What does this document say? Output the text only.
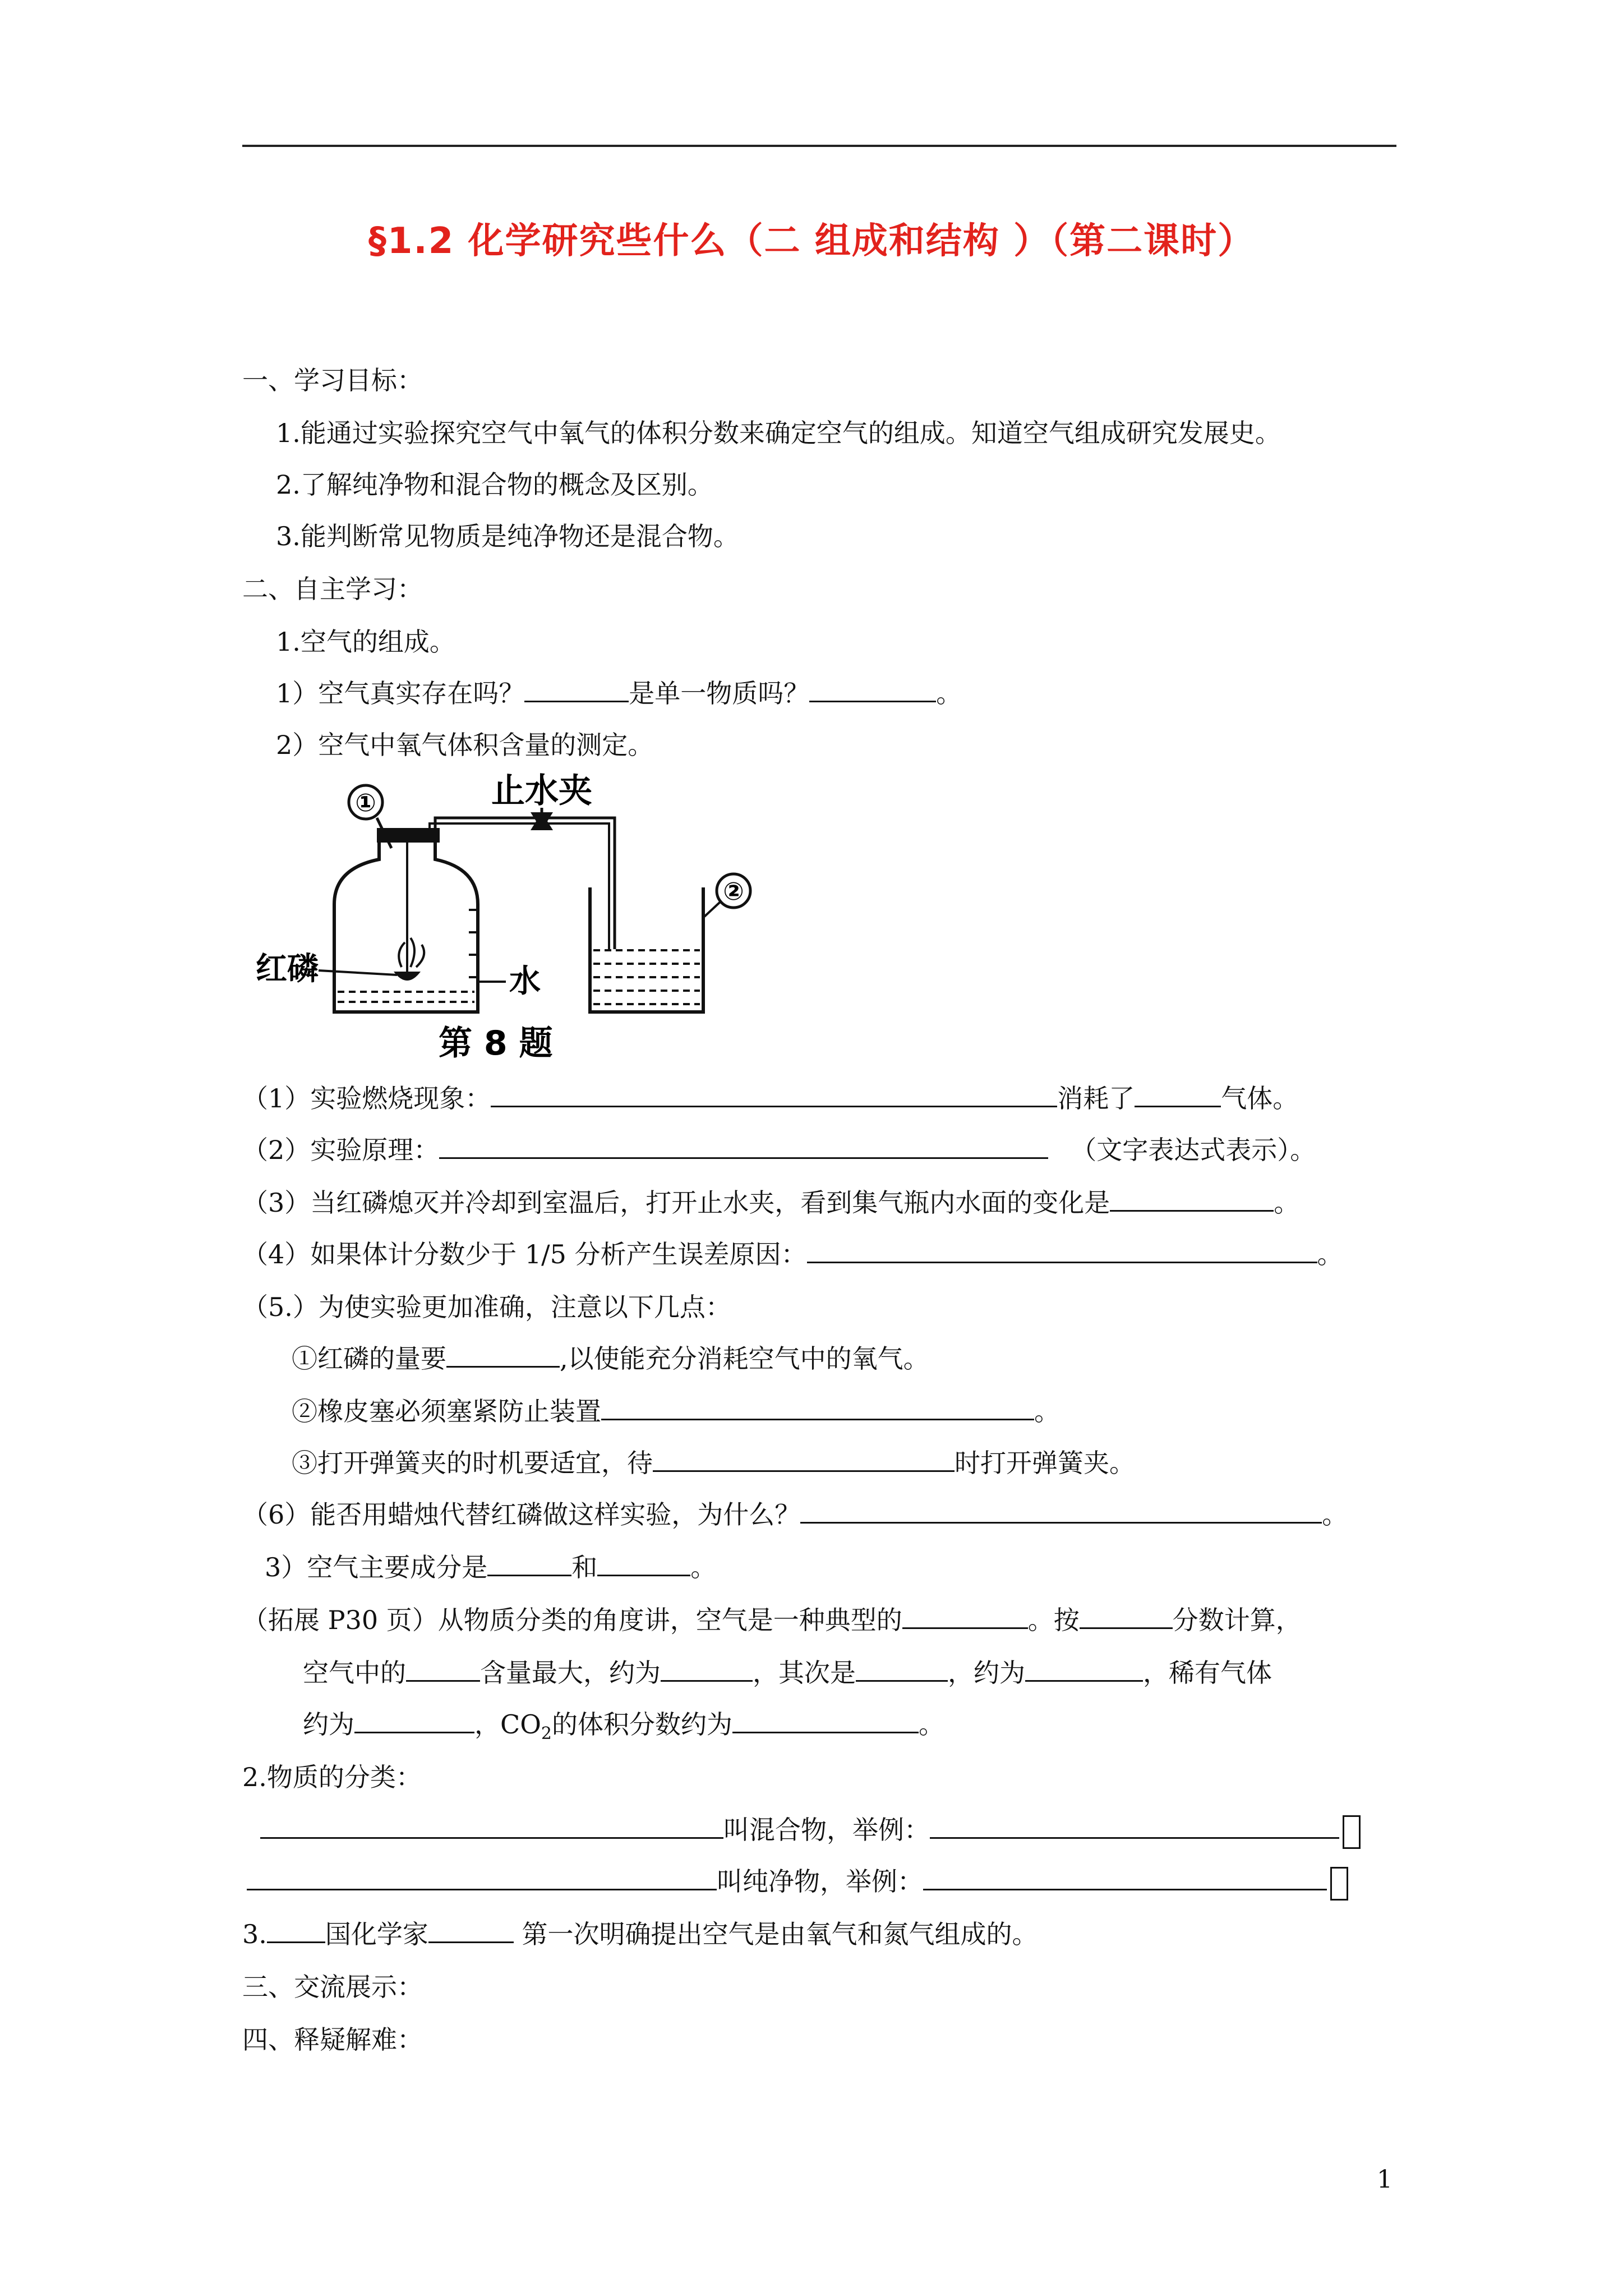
§1.2 化学研究些什么（二 组成和结构 ）（第二课时）
一、学习目标：
1.能通过实验探究空气中氧气的体积分数来确定空气的组成。知道空气组成研究发展史。
2.了解纯净物和混合物的概念及区别。
3.能判断常见物质是纯净物还是混合物。
二、自主学习：
1.空气的组成。
1）空气真实存在吗？	是单一物质吗？	。
2）空气中氧气体积含量的测定。
①	止水夹
红磷	水
②
第 8 题
（1）实验燃烧现象：	消耗了	气体。
（2）实验原理：	（文字表达式表示）。
（3）当红磷熄灭并冷却到室温后，打开止水夹，看到集气瓶内水面的变化是	。
（4）如果体计分数少于 1/5 分析产生误差原因：	。
（5.）为使实验更加准确，注意以下几点：
①红磷的量要	,以使能充分消耗空气中的氧气。
②橡皮塞必须塞紧防止装置	。
③打开弹簧夹的时机要适宜，待	时打开弹簧夹。
（6）能否用蜡烛代替红磷做这样实验，为什么？	。
3）空气主要成分是	和	。
（拓展 P30 页）从物质分类的角度讲，空气是一种典型的	。按	分数计算，
空气中的	含量最大，约为	，其次是	，约为	，稀有气体
约为	，$CO_2$的体积分数约为	。
2.物质的分类：
叫混合物，举例：
叫纯净物，举例：
3. 国化学家	第一次明确提出空气是由氧气和氮气组成的。
三、交流展示：
四、释疑解难：
1
